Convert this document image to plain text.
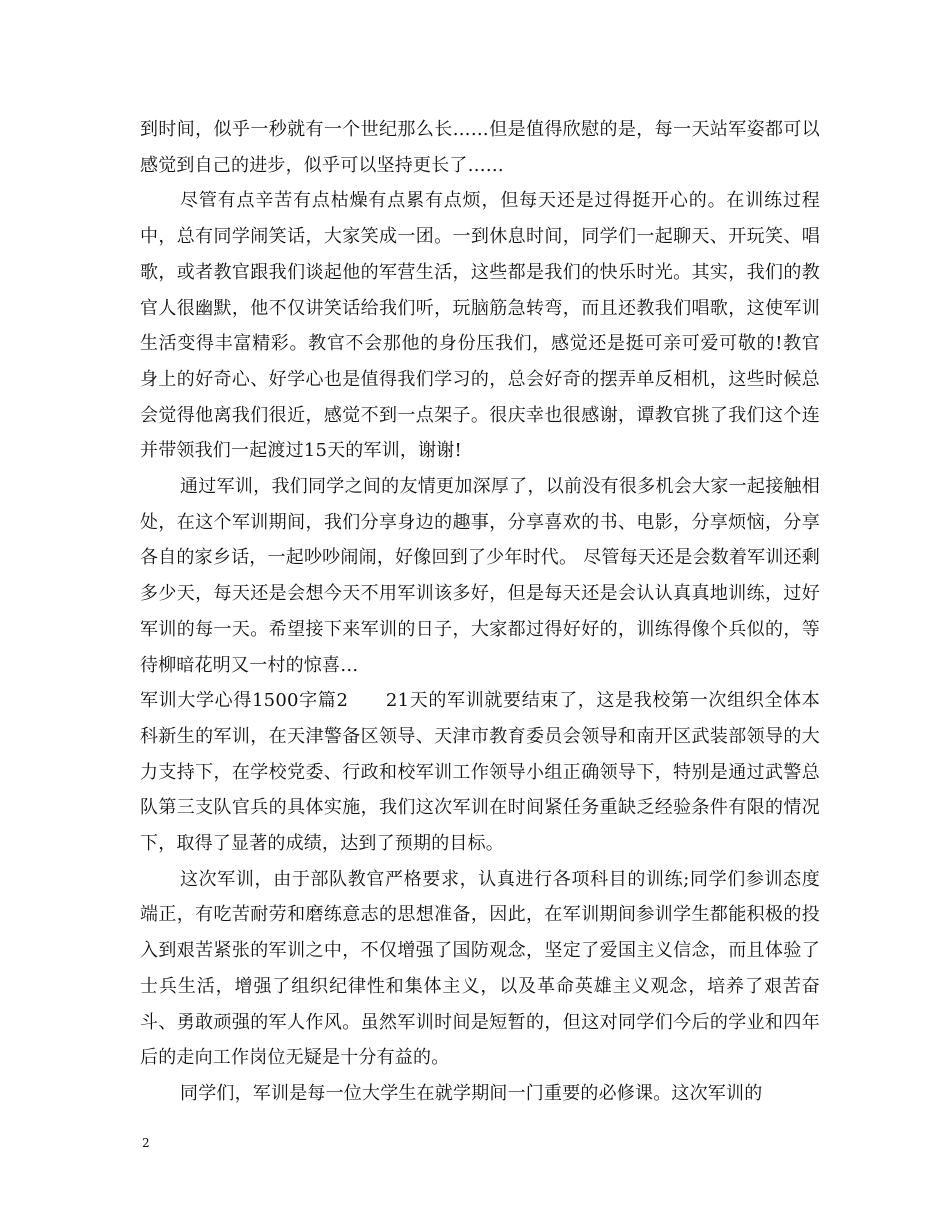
到时间，似乎一秒就有一个世纪那么长……但是值得欣慰的是，每一天站军姿都可以感觉到自己的进步，似乎可以坚持更长了……

尽管有点辛苦有点枯燥有点累有点烦，但每天还是过得挺开心的。在训练过程中，总有同学闹笑话，大家笑成一团。一到休息时间，同学们一起聊天、开玩笑、唱歌，或者教官跟我们谈起他的军营生活，这些都是我们的快乐时光。其实，我们的教官人很幽默，他不仅讲笑话给我们听，玩脑筋急转弯，而且还教我们唱歌，这使军训生活变得丰富精彩。教官不会那他的身份压我们，感觉还是挺可亲可爱可敬的!教官身上的好奇心、好学心也是值得我们学习的，总会好奇的摆弄单反相机，这些时候总会觉得他离我们很近，感觉不到一点架子。很庆幸也很感谢，谭教官挑了我们这个连并带领我们一起渡过15天的军训，谢谢!

通过军训，我们同学之间的友情更加深厚了，以前没有很多机会大家一起接触相处，在这个军训期间，我们分享身边的趣事，分享喜欢的书、电影，分享烦恼，分享各自的家乡话，一起吵吵闹闹，好像回到了少年时代。 尽管每天还是会数着军训还剩多少天，每天还是会想今天不用军训该多好，但是每天还是会认认真真地训练，过好军训的每一天。希望接下来军训的日子，大家都过得好好的，训练得像个兵似的，等待柳暗花明又一村的惊喜…

军训大学心得1500字篇2　　21天的军训就要结束了，这是我校第一次组织全体本科新生的军训，在天津警备区领导、天津市教育委员会领导和南开区武装部领导的大力支持下，在学校党委、行政和校军训工作领导小组正确领导下，特别是通过武警总队第三支队官兵的具体实施，我们这次军训在时间紧任务重缺乏经验条件有限的情况下，取得了显著的成绩，达到了预期的目标。

这次军训，由于部队教官严格要求，认真进行各项科目的训练;同学们参训态度端正，有吃苦耐劳和磨练意志的思想准备，因此，在军训期间参训学生都能积极的投入到艰苦紧张的军训之中，不仅增强了国防观念，坚定了爱国主义信念，而且体验了士兵生活，增强了组织纪律性和集体主义，以及革命英雄主义观念，培养了艰苦奋斗、勇敢顽强的军人作风。虽然军训时间是短暂的，但这对同学们今后的学业和四年后的走向工作岗位无疑是十分有益的。

同学们，军训是每一位大学生在就学期间一门重要的必修课。这次军训的

2
